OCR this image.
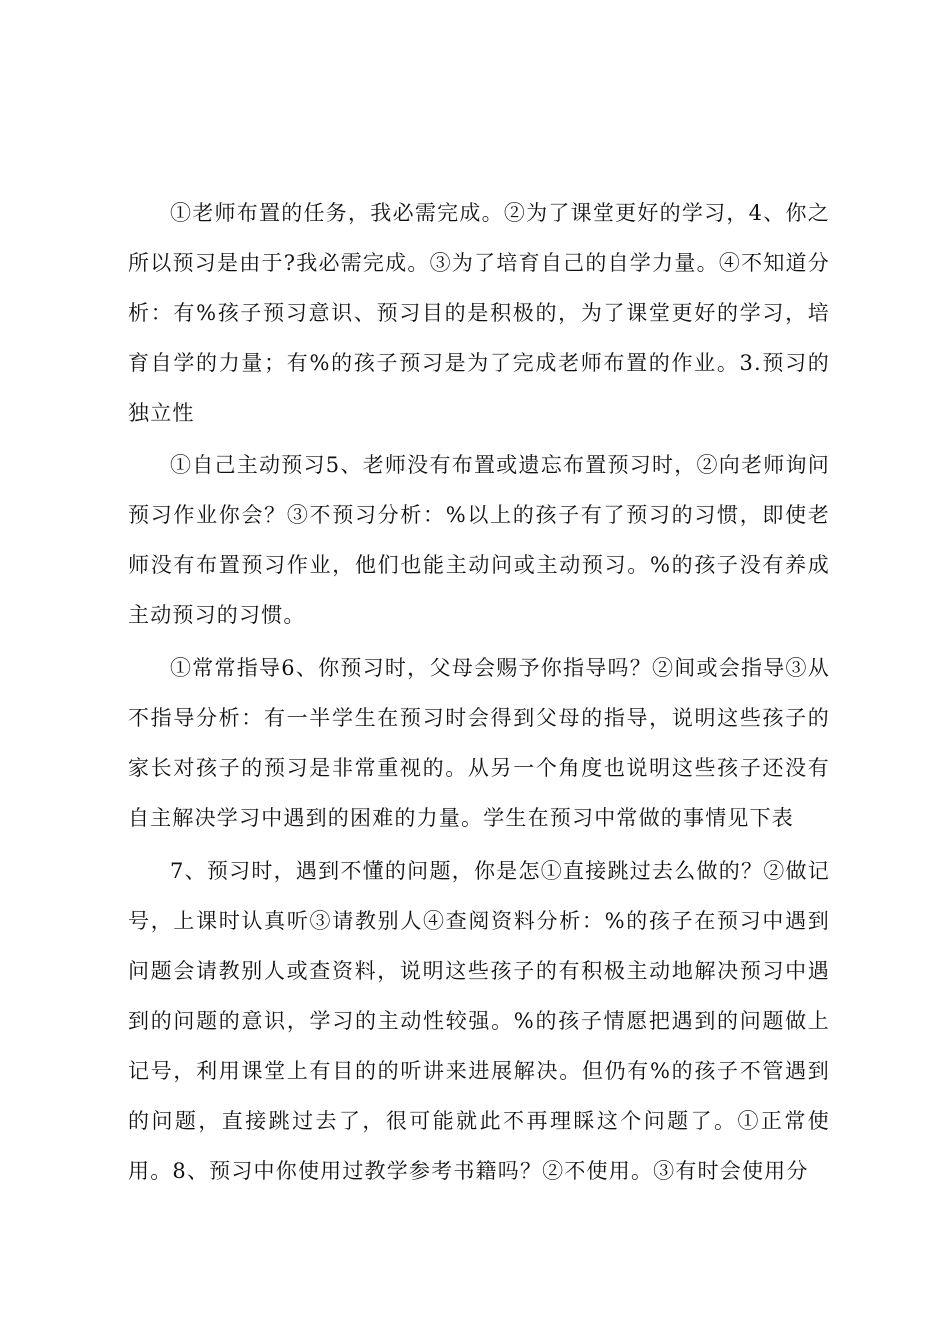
①老师布置的任务，我必需完成。②为了课堂更好的学习，4、你之所以预习是由于?我必需完成。③为了培育自己的自学力量。④不知道分析：有%孩子预习意识、预习目的是积极的，为了课堂更好的学习，培育自学的力量；有%的孩子预习是为了完成老师布置的作业。3.预习的独立性

①自己主动预习5、老师没有布置或遗忘布置预习时，②向老师询问预习作业你会？③不预习分析：%以上的孩子有了预习的习惯，即使老师没有布置预习作业，他们也能主动问或主动预习。%的孩子没有养成主动预习的习惯。

①常常指导6、你预习时，父母会赐予你指导吗？②间或会指导③从不指导分析：有一半学生在预习时会得到父母的指导，说明这些孩子的家长对孩子的预习是非常重视的。从另一个角度也说明这些孩子还没有自主解决学习中遇到的困难的力量。学生在预习中常做的事情见下表

7、预习时，遇到不懂的问题，你是怎①直接跳过去么做的？②做记号，上课时认真听③请教别人④查阅资料分析：%的孩子在预习中遇到问题会请教别人或查资料，说明这些孩子的有积极主动地解决预习中遇到的问题的意识，学习的主动性较强。%的孩子情愿把遇到的问题做上记号，利用课堂上有目的的听讲来进展解决。但仍有%的孩子不管遇到的问题，直接跳过去了，很可能就此不再理睬这个问题了。①正常使用。8、预习中你使用过教学参考书籍吗？②不使用。③有时会使用分
